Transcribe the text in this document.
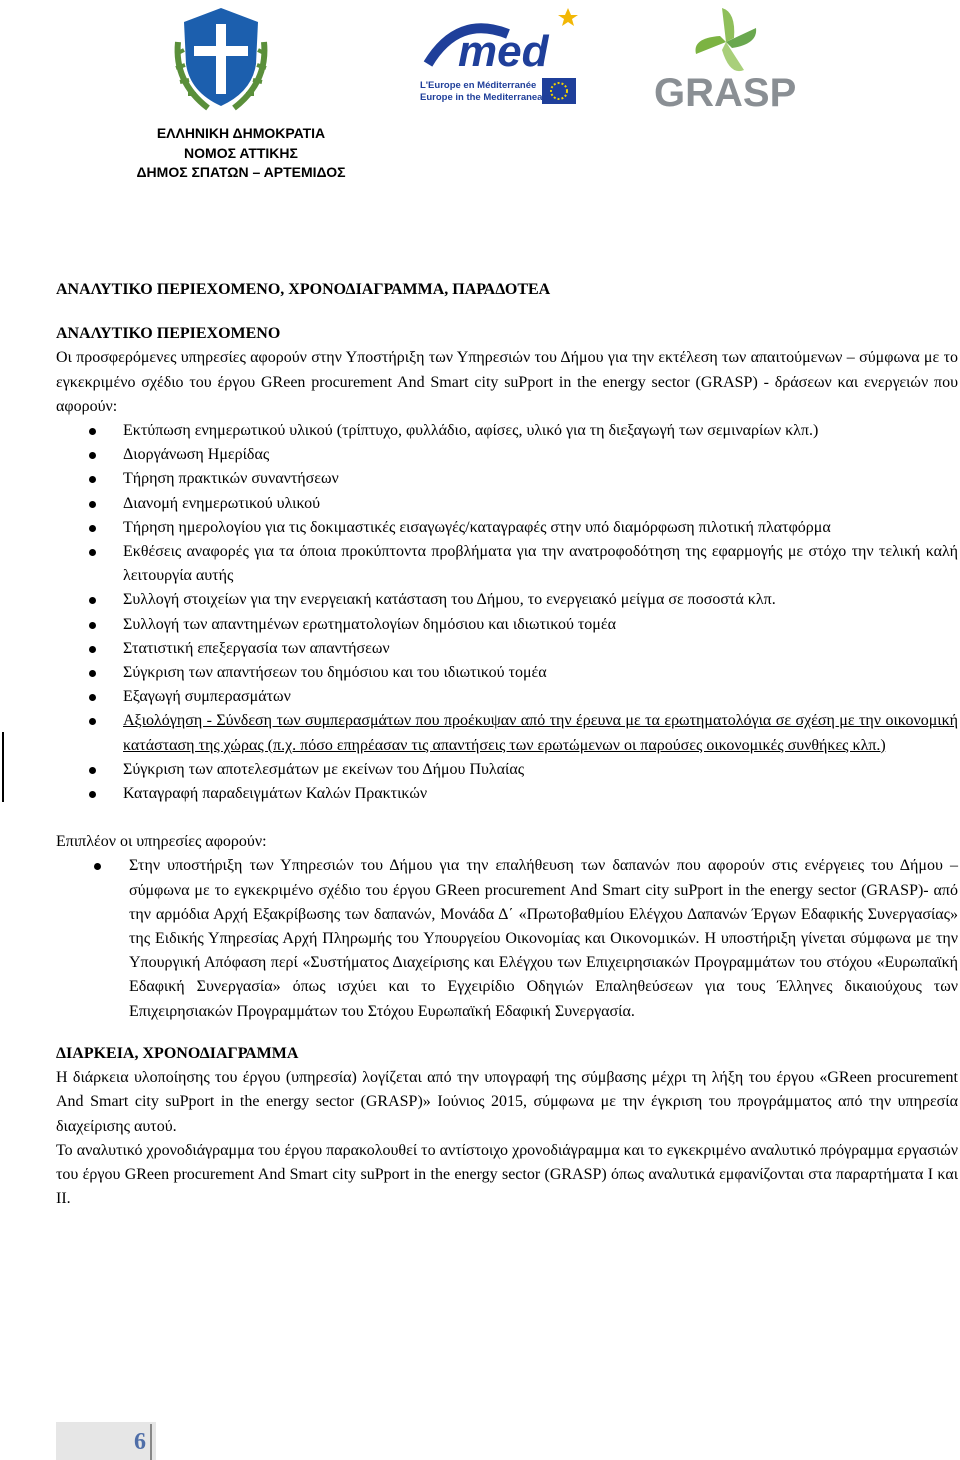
med
L'Europe en Méditerranée
Europe in the Mediterranean	GRASP
ΕΛΛΗΝΙΚΗ ΔΗΜΟΚΡΑΤΙΑ
ΝΟΜΟΣ ΑΤΤΙΚΗΣ
ΔΗΜΟΣ ΣΠΑΤΩΝ – ΑΡΤΕΜΙΔΟΣ

ΑΝΑΛΥΤΙΚΟ ΠΕΡΙΕΧΟΜΕΝΟ, ΧΡΟΝΟΔΙΑΓΡΑΜΜΑ, ΠΑΡΑΔΟΤΕΑ

ΑΝΑΛΥΤΙΚΟ ΠΕΡΙΕΧΟΜΕΝΟ

Οι προσφερόμενες υπηρεσίες αφορούν στην Υποστήριξη των Υπηρεσιών του Δήμου για την εκτέλεση των απαιτούμενων – σύμφωνα με το εγκεκριμένο σχέδιο του έργου GReen procurement And Smart city suPport in the energy sector (GRASP) - δράσεων και ενεργειών που αφορούν:

Εκτύπωση ενημερωτικού υλικού (τρίπτυχο, φυλλάδιο, αφίσες, υλικό για τη διεξαγωγή των σεμιναρίων κλπ.)
Διοργάνωση Ημερίδας
Τήρηση πρακτικών συναντήσεων
Διανομή ενημερωτικού υλικού
Τήρηση ημερολογίου για τις δοκιμαστικές εισαγωγές/καταγραφές στην υπό διαμόρφωση πιλοτική πλατφόρμα
Εκθέσεις αναφορές για τα όποια προκύπτοντα προβλήματα για την ανατροφοδότηση της εφαρμογής με στόχο την τελική καλή λειτουργία αυτής
Συλλογή στοιχείων για την ενεργειακή κατάσταση του Δήμου, το ενεργειακό μείγμα σε ποσοστά κλπ.
Συλλογή των απαντημένων ερωτηματολογίων δημόσιου και ιδιωτικού τομέα
Στατιστική επεξεργασία των απαντήσεων
Σύγκριση των απαντήσεων του δημόσιου και του ιδιωτικού τομέα
Εξαγωγή συμπερασμάτων
Αξιολόγηση - Σύνδεση των συμπερασμάτων που προέκυψαν από την έρευνα με τα ερωτηματολόγια σε σχέση με την οικονομική κατάσταση της χώρας (π.χ. πόσο επηρέασαν τις απαντήσεις των ερωτώμενων οι παρούσες οικονομικές συνθήκες κλπ.)
Σύγκριση των αποτελεσμάτων με εκείνων του Δήμου Πυλαίας
Καταγραφή παραδειγμάτων Καλών Πρακτικών

Επιπλέον οι υπηρεσίες αφορούν:

Στην υποστήριξη των Υπηρεσιών του Δήμου για την επαλήθευση των δαπανών που αφορούν στις ενέργειες του Δήμου – σύμφωνα με το εγκεκριμένο σχέδιο του έργου GReen procurement And Smart city suPport in the energy sector (GRASP)- από την αρμόδια Αρχή Εξακρίβωσης των δαπανών, Μονάδα Δ΄ «Πρωτοβαθμίου Ελέγχου Δαπανών Έργων Εδαφικής Συνεργασίας» της Ειδικής Υπηρεσίας Αρχή Πληρωμής του Υπουργείου Οικονομίας και Οικονομικών. Η υποστήριξη γίνεται σύμφωνα με την Υπουργική Απόφαση περί «Συστήματος Διαχείρισης και Ελέγχου των Επιχειρησιακών Προγραμμάτων του στόχου «Ευρωπαϊκή Εδαφική Συνεργασία» όπως ισχύει και το Εγχειρίδιο Οδηγιών Επαληθεύσεων για τους Έλληνες δικαιούχους των Επιχειρησιακών Προγραμμάτων του Στόχου Ευρωπαϊκή Εδαφική Συνεργασία.

ΔΙΑΡΚΕΙΑ, ΧΡΟΝΟΔΙΑΓΡΑΜΜΑ

Η διάρκεια υλοποίησης του έργου (υπηρεσία) λογίζεται από την υπογραφή της σύμβασης μέχρι τη λήξη του έργου «GReen procurement And Smart city suPport in the energy sector (GRASP)» Ιούνιος 2015, σύμφωνα με την έγκριση του προγράμματος από την υπηρεσία διαχείρισης αυτού.

Το αναλυτικό χρονοδιάγραμμα του έργου παρακολουθεί το αντίστοιχο χρονοδιάγραμμα και το εγκεκριμένο αναλυτικό πρόγραμμα εργασιών του έργου GReen procurement And Smart city suPport in the energy sector (GRASP) όπως αναλυτικά εμφανίζονται στα παραρτήματα Ι και ΙΙ.

6
